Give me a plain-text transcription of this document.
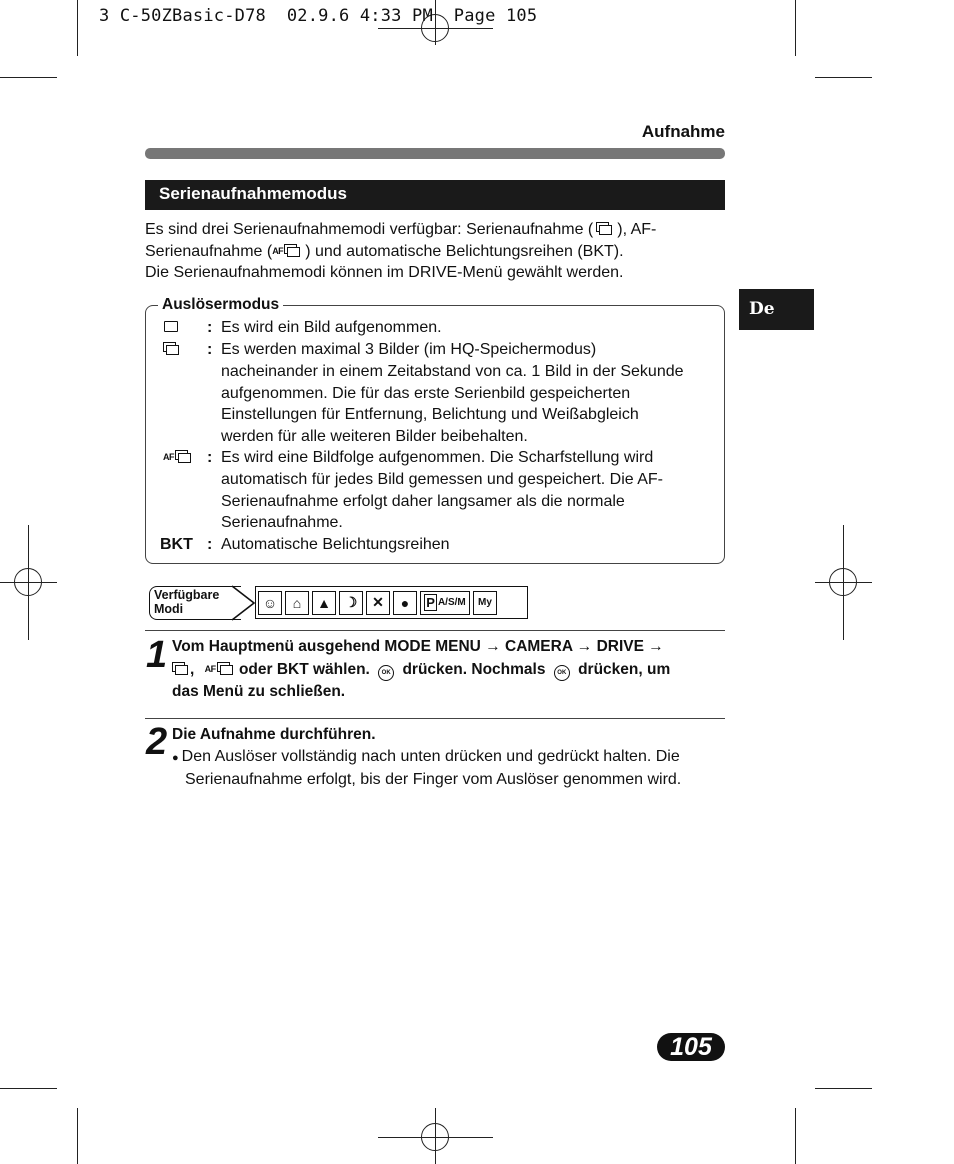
3 C-50ZBasic-D78  02.9.6 4:33 PM  Page 105
Aufnahme
Serienaufnahmemodus
Es sind drei Serienaufnahmemodi verfügbar: Serienaufnahme ( ), AF-
Serienaufnahme (AF ) und automatische Belichtungsreihen (BKT).
Die Serienaufnahmemodi können im DRIVE-Menü gewählt werden.
De
Auslösermodus
: Es wird ein Bild aufgenommen.
: Es werden maximal 3 Bilder (im HQ-Speichermodus)
nacheinander in einem Zeitabstand von ca. 1 Bild in der Sekunde
aufgenommen. Die für das erste Serienbild gespeicherten
Einstellungen für Entfernung, Belichtung und Weißabgleich
werden für alle weiteren Bilder beibehalten.
AF	: Es wird eine Bildfolge aufgenommen. Die Scharfstellung wird
automatisch für jedes Bild gemessen und gespeichert. Die AF-
Serienaufnahme erfolgt daher langsamer als die normale
Serienaufnahme.
BKT : Automatische Belichtungsreihen
Verfügbare
Modi	☺	⌂	▲ ☽	✕	●	P A/S/M My
1 Vom Hauptmenü ausgehend MODE MENU → CAMERA → DRIVE →
, AF oder BKT wählen. OK drücken. Nochmals OK drücken, um
das Menü zu schließen.
2 Die Aufnahme durchführen.
● Den Auslöser vollständig nach unten drücken und gedrückt halten. Die
Serienaufnahme erfolgt, bis der Finger vom Auslöser genommen wird.
105
